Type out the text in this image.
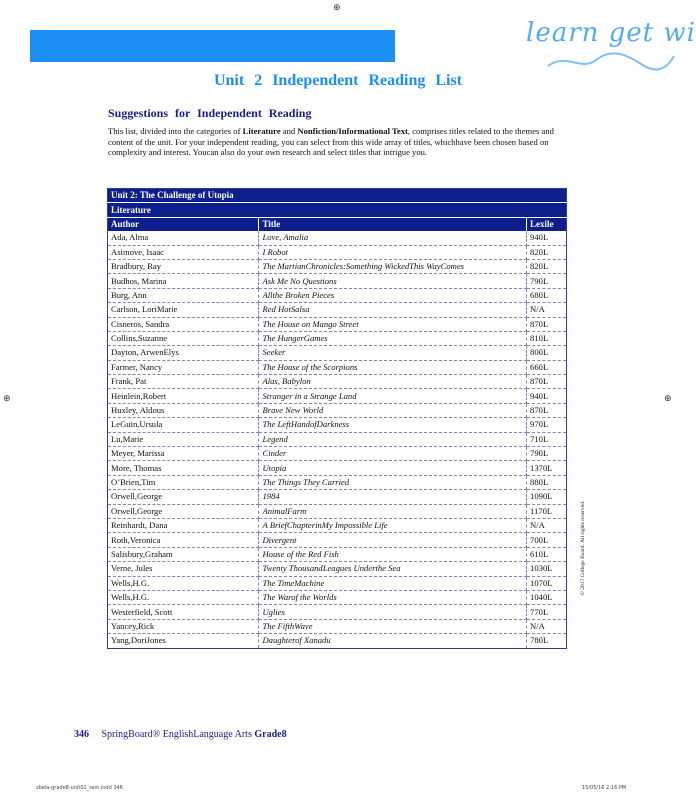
⊕
⊕	⊕
learn get wi
Unit 2 Independent Reading List
Suggestions for Independent Reading

This list, divided into the categories of Literature and Nonfiction/Informational Text, comprises titles related to the themes and content of the unit. For your independent reading, you can select from this wide array of titles, whichhave been chosen based on complexity and interest. Youcan also do your own research and select titles that intrigue you.

Unit 2: The Challenge of Utopia		
Literature		
Author	Title	Lexile
Ada, Alma	Love, Amalia	940L
Asimove, Isaac	I Robot	820L
Bradbury, Ray	The MartianChronicles:Something WickedThis WayComes	820L
Budhos, Marina	Ask Me No Questions	790L
Burg, Ann	Allthe Broken Pieces	680L
Carlson, LoriMarie	Red HotSalsa	N/A
Cisneros, Sandra	The House on Mango Street	870L
Collins,Suzanne	The HungerGames	810L
Dayton, ArwenElys	Seeker	800L
Farmer, Nancy	The House of the Scorpions	660L
Frank, Pat	Alas, Babylon	870L
Heinlein,Robert	Stranger in a Strange Land	940L
Huxley, Aldous	Brave New World	870L
LeGuin,Ursula	The LeftHandofDarkness	970L
Lu,Marie	Legend	710L
Meyer, Marissa	Cinder	790L
More, Thomas	Utopia	1370L
O’Brien,Tim	The Things They Carried	880L
Orwell,George	1984	1090L
Orwell,George	AnimalFarm	1170L
Reinhardt, Dana	A BriefChapterinMy Impossible Life	N/A
Roth,Veronica	Divergent	700L
Salisbury,Graham	House of the Red Fish	610L
Verne, Jules	Twenty ThousandLeagues Underthe Sea	1030L
Wells,H.G.	The TimeMachine	1070L
Wells,H.G.	The Warof the Worlds	1040L
Westerfield, Scott	Uglies	770L
Yancey,Rick	The FifthWave	N/A
Yang,DoriJones	Daughterof Xanadu	780L
© 2017 College Board. All rights reserved.
346 SpringBoard® EnglishLanguage Arts Grade8
sbela-grade8-unit02_ssm.indd 346	15/05/16 2:16 PM
